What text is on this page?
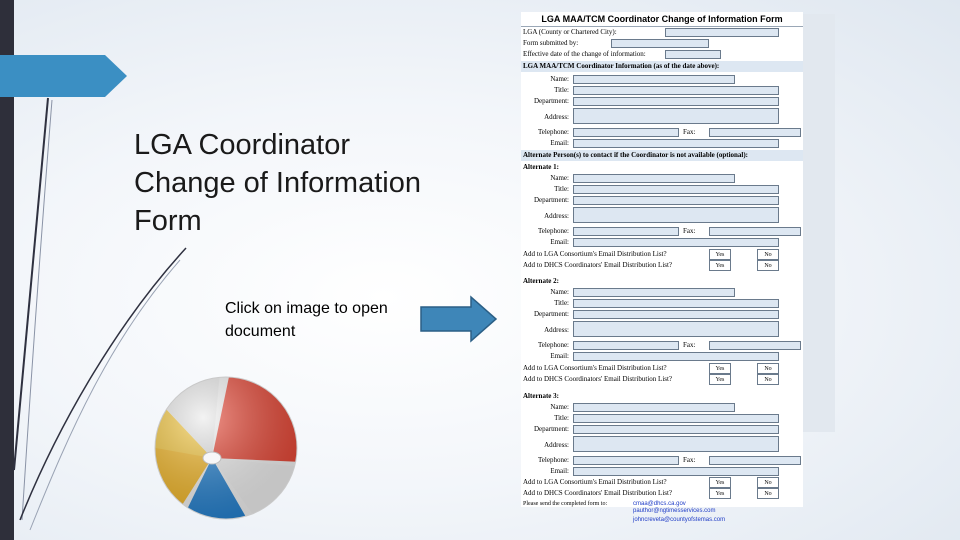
LGA Coordinator Change of Information Form
Click on image to open document
LGA MAA/TCM Coordinator Change of Information Form
LGA (County or Chartered City):
Form submitted by:
Effective date of the change of information:
LGA MAA/TCM Coordinator Information (as of the date above):
Name:
Title:
Department:
Address:
Telephone:	Fax:
Email:
Alternate Person(s) to contact if the Coordinator is not available (optional):
Alternate 1:
Name:
Title:
Department:
Address:
Telephone:	Fax:
Email:
Add to LGA Consortium's Email Distribution List?	Yes	No
Add to DHCS Coordinators' Email Distribution List?	Yes	No
Alternate 2:
Name:
Title:
Department:
Address:
Telephone:	Fax:
Email:
Add to LGA Consortium's Email Distribution List?	Yes	No
Add to DHCS Coordinators' Email Distribution List?	Yes	No
Alternate 3:
Name:
Title:
Department:
Address:
Telephone:	Fax:
Email:
Add to LGA Consortium's Email Distribution List?	Yes	No
Add to DHCS Coordinators' Email Distribution List?	Yes	No
Please send the completed form to:	cmaa@dhcs.ca.gov
pauthor@ngtimesservices.com
johncreveta@countyofstemas.com
